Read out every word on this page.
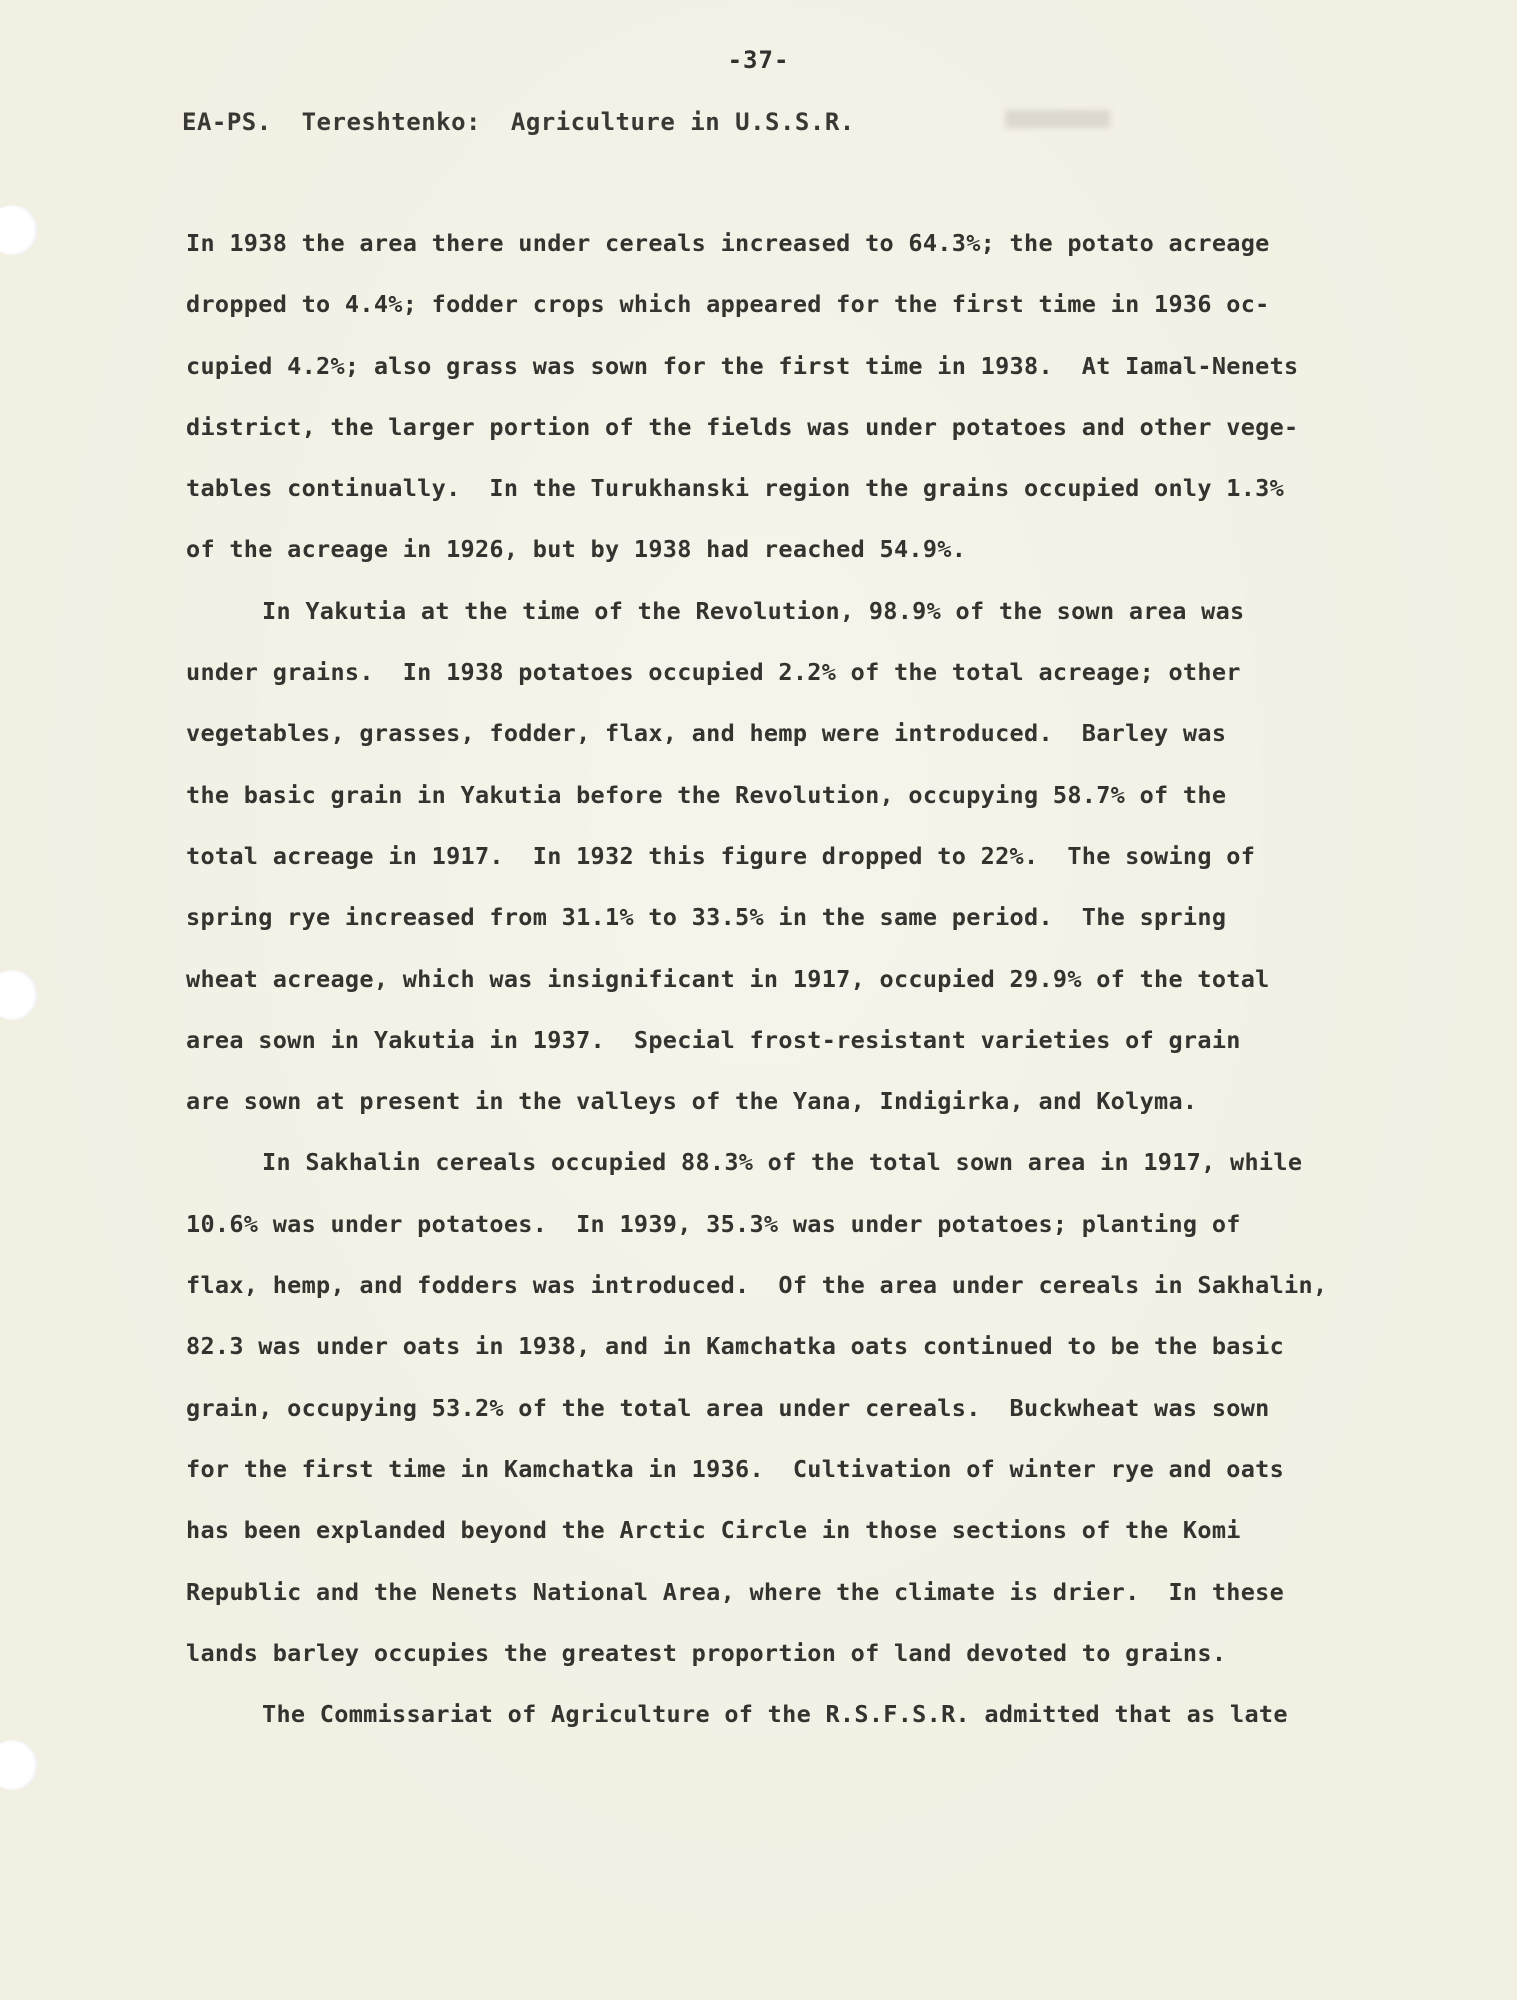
-37-
EA-PS.  Tereshtenko:  Agriculture in U.S.S.R.
In 1938 the area there under cereals increased to 64.3%; the potato acreage
dropped to 4.4%; fodder crops which appeared for the first time in 1936 oc-
cupied 4.2%; also grass was sown for the first time in 1938.  At Iamal-Nenets
district, the larger portion of the fields was under potatoes and other vege-
tables continually.  In the Turukhanski region the grains occupied only 1.3%
of the acreage in 1926, but by 1938 had reached 54.9%.
In Yakutia at the time of the Revolution, 98.9% of the sown area was
under grains.  In 1938 potatoes occupied 2.2% of the total acreage; other
vegetables, grasses, fodder, flax, and hemp were introduced.  Barley was
the basic grain in Yakutia before the Revolution, occupying 58.7% of the
total acreage in 1917.  In 1932 this figure dropped to 22%.  The sowing of
spring rye increased from 31.1% to 33.5% in the same period.  The spring
wheat acreage, which was insignificant in 1917, occupied 29.9% of the total
area sown in Yakutia in 1937.  Special frost-resistant varieties of grain
are sown at present in the valleys of the Yana, Indigirka, and Kolyma.
In Sakhalin cereals occupied 88.3% of the total sown area in 1917, while
10.6% was under potatoes.  In 1939, 35.3% was under potatoes; planting of
flax, hemp, and fodders was introduced.  Of the area under cereals in Sakhalin,
82.3 was under oats in 1938, and in Kamchatka oats continued to be the basic
grain, occupying 53.2% of the total area under cereals.  Buckwheat was sown
for the first time in Kamchatka in 1936.  Cultivation of winter rye and oats
has been explanded beyond the Arctic Circle in those sections of the Komi
Republic and the Nenets National Area, where the climate is drier.  In these
lands barley occupies the greatest proportion of land devoted to grains.
The Commissariat of Agriculture of the R.S.F.S.R. admitted that as late
